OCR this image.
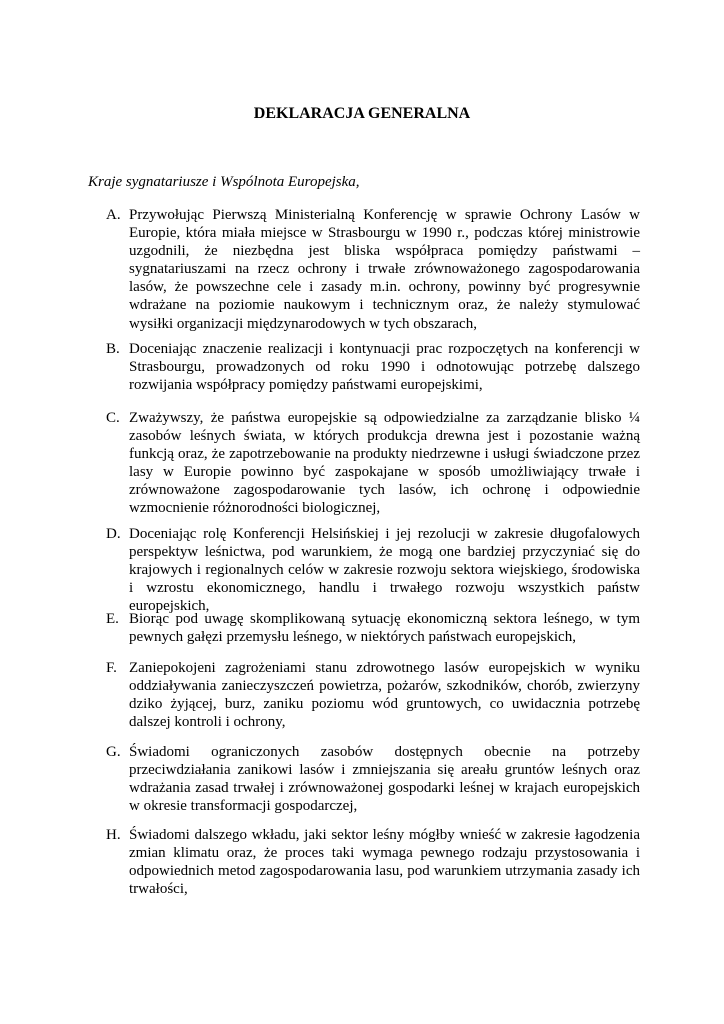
DEKLARACJA GENERALNA

Kraje sygnatariusze i Wspólnota Europejska,

A. Przywołując Pierwszą Ministerialną Konferencję w sprawie Ochrony Lasów w Europie, która miała miejsce w Strasbourgu w 1990 r., podczas której ministrowie uzgodnili, że niezbędna jest bliska współpraca pomiędzy państwami – sygnatariuszami na rzecz ochrony i trwałe zrównoważonego zagospodarowania lasów, że powszechne cele i zasady m.in. ochrony, powinny być progresywnie wdrażane na poziomie naukowym i technicznym oraz, że należy stymulować wysiłki organizacji międzynarodowych w tych obszarach,
B. Doceniając znaczenie realizacji i kontynuacji prac rozpoczętych na konferencji w Strasbourgu, prowadzonych od roku 1990 i odnotowując potrzebę dalszego rozwijania współpracy pomiędzy państwami europejskimi,
C. Zważywszy, że państwa europejskie są odpowiedzialne za zarządzanie blisko ¼ zasobów leśnych świata, w których produkcja drewna jest i pozostanie ważną funkcją oraz, że zapotrzebowanie na produkty niedrzewne i usługi świadczone przez lasy w Europie powinno być zaspokajane w sposób umożliwiający trwałe i zrównoważone zagospodarowanie tych lasów, ich ochronę i odpowiednie wzmocnienie różnorodności biologicznej,
D. Doceniając rolę Konferencji Helsińskiej i jej rezolucji w zakresie długofalowych perspektyw leśnictwa, pod warunkiem, że mogą one bardziej przyczyniać się do krajowych i regionalnych celów w zakresie rozwoju sektora wiejskiego, środowiska i wzrostu ekonomicznego, handlu i trwałego rozwoju wszystkich państw europejskich,
E. Biorąc pod uwagę skomplikowaną sytuację ekonomiczną sektora leśnego, w tym pewnych gałęzi przemysłu leśnego, w niektórych państwach europejskich,
F. Zaniepokojeni zagrożeniami stanu zdrowotnego lasów europejskich w wyniku oddziaływania zanieczyszczeń powietrza, pożarów, szkodników, chorób, zwierzyny dziko żyjącej, burz, zaniku poziomu wód gruntowych, co uwidacznia potrzebę dalszej kontroli i ochrony,
G. Świadomi ograniczonych zasobów dostępnych obecnie na potrzeby przeciwdziałania zanikowi lasów i zmniejszania się areału gruntów leśnych oraz wdrażania zasad trwałej i zrównoważonej gospodarki leśnej w krajach europejskich w okresie transformacji gospodarczej,
H. Świadomi dalszego wkładu, jaki sektor leśny mógłby wnieść w zakresie łagodzenia zmian klimatu oraz, że proces taki wymaga pewnego rodzaju przystosowania i odpowiednich metod zagospodarowania lasu, pod warunkiem utrzymania zasady ich trwałości,
